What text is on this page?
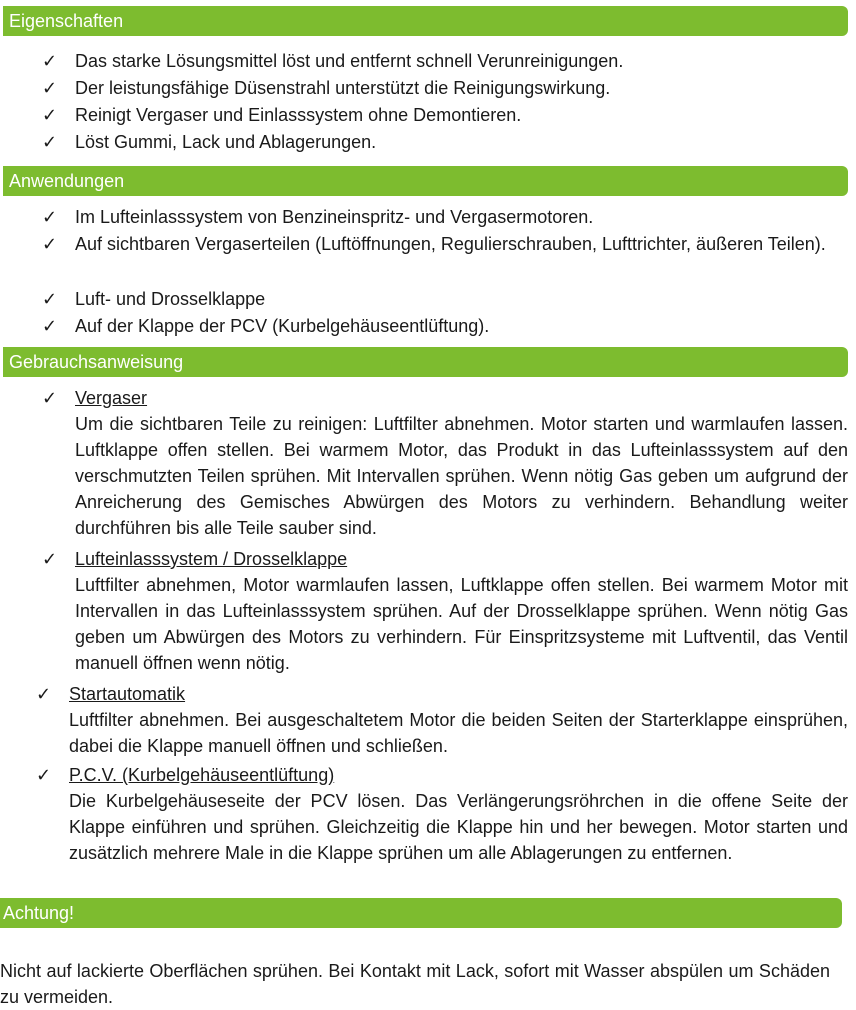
Eigenschaften
✓ Das starke Lösungsmittel löst und entfernt schnell Verunreinigungen.
✓ Der leistungsfähige Düsenstrahl unterstützt die Reinigungswirkung.
✓ Reinigt Vergaser und Einlasssystem ohne Demontieren.
✓ Löst Gummi, Lack und Ablagerungen.
Anwendungen
✓ Im Lufteinlasssystem von Benzineinspritz- und Vergasermotoren.
✓ Auf sichtbaren Vergaserteilen (Luftöffnungen, Regulierschrauben, Lufttrichter, äußeren Teilen).
✓ Luft- und Drosselklappe
✓ Auf der Klappe der PCV (Kurbelgehäuseentlüftung).
Gebrauchsanweisung
✓ Vergaser
Um die sichtbaren Teile zu reinigen: Luftfilter abnehmen. Motor starten und warmlaufen lassen. Luftklappe offen stellen. Bei warmem Motor, das Produkt in das Lufteinlasssystem auf den verschmutzten Teilen sprühen. Mit Intervallen sprühen. Wenn nötig Gas geben um aufgrund der Anreicherung des Gemisches Abwürgen des Motors zu verhindern. Behandlung weiter durchführen bis alle Teile sauber sind.
✓ Lufteinlasssystem / Drosselklappe
Luftfilter abnehmen, Motor warmlaufen lassen, Luftklappe offen stellen. Bei warmem Motor mit Intervallen in das Lufteinlasssystem sprühen. Auf der Drosselklappe sprühen. Wenn nötig Gas geben um Abwürgen des Motors zu verhindern. Für Einspritzsysteme mit Luftventil, das Ventil manuell öffnen wenn nötig.
✓ Startautomatik
Luftfilter abnehmen. Bei ausgeschaltetem Motor die beiden Seiten der Starterklappe einsprühen, dabei die Klappe manuell öffnen und schließen.
✓ P.C.V. (Kurbelgehäuseentlüftung)
Die Kurbelgehäuseseite der PCV lösen. Das Verlängerungsröhrchen in die offene Seite der Klappe einführen und sprühen. Gleichzeitig die Klappe hin und her bewegen. Motor starten und zusätzlich mehrere Male in die Klappe sprühen um alle Ablagerungen zu entfernen.
Achtung!
Nicht auf lackierte Oberflächen sprühen. Bei Kontakt mit Lack, sofort mit Wasser abspülen um Schäden zu vermeiden.
